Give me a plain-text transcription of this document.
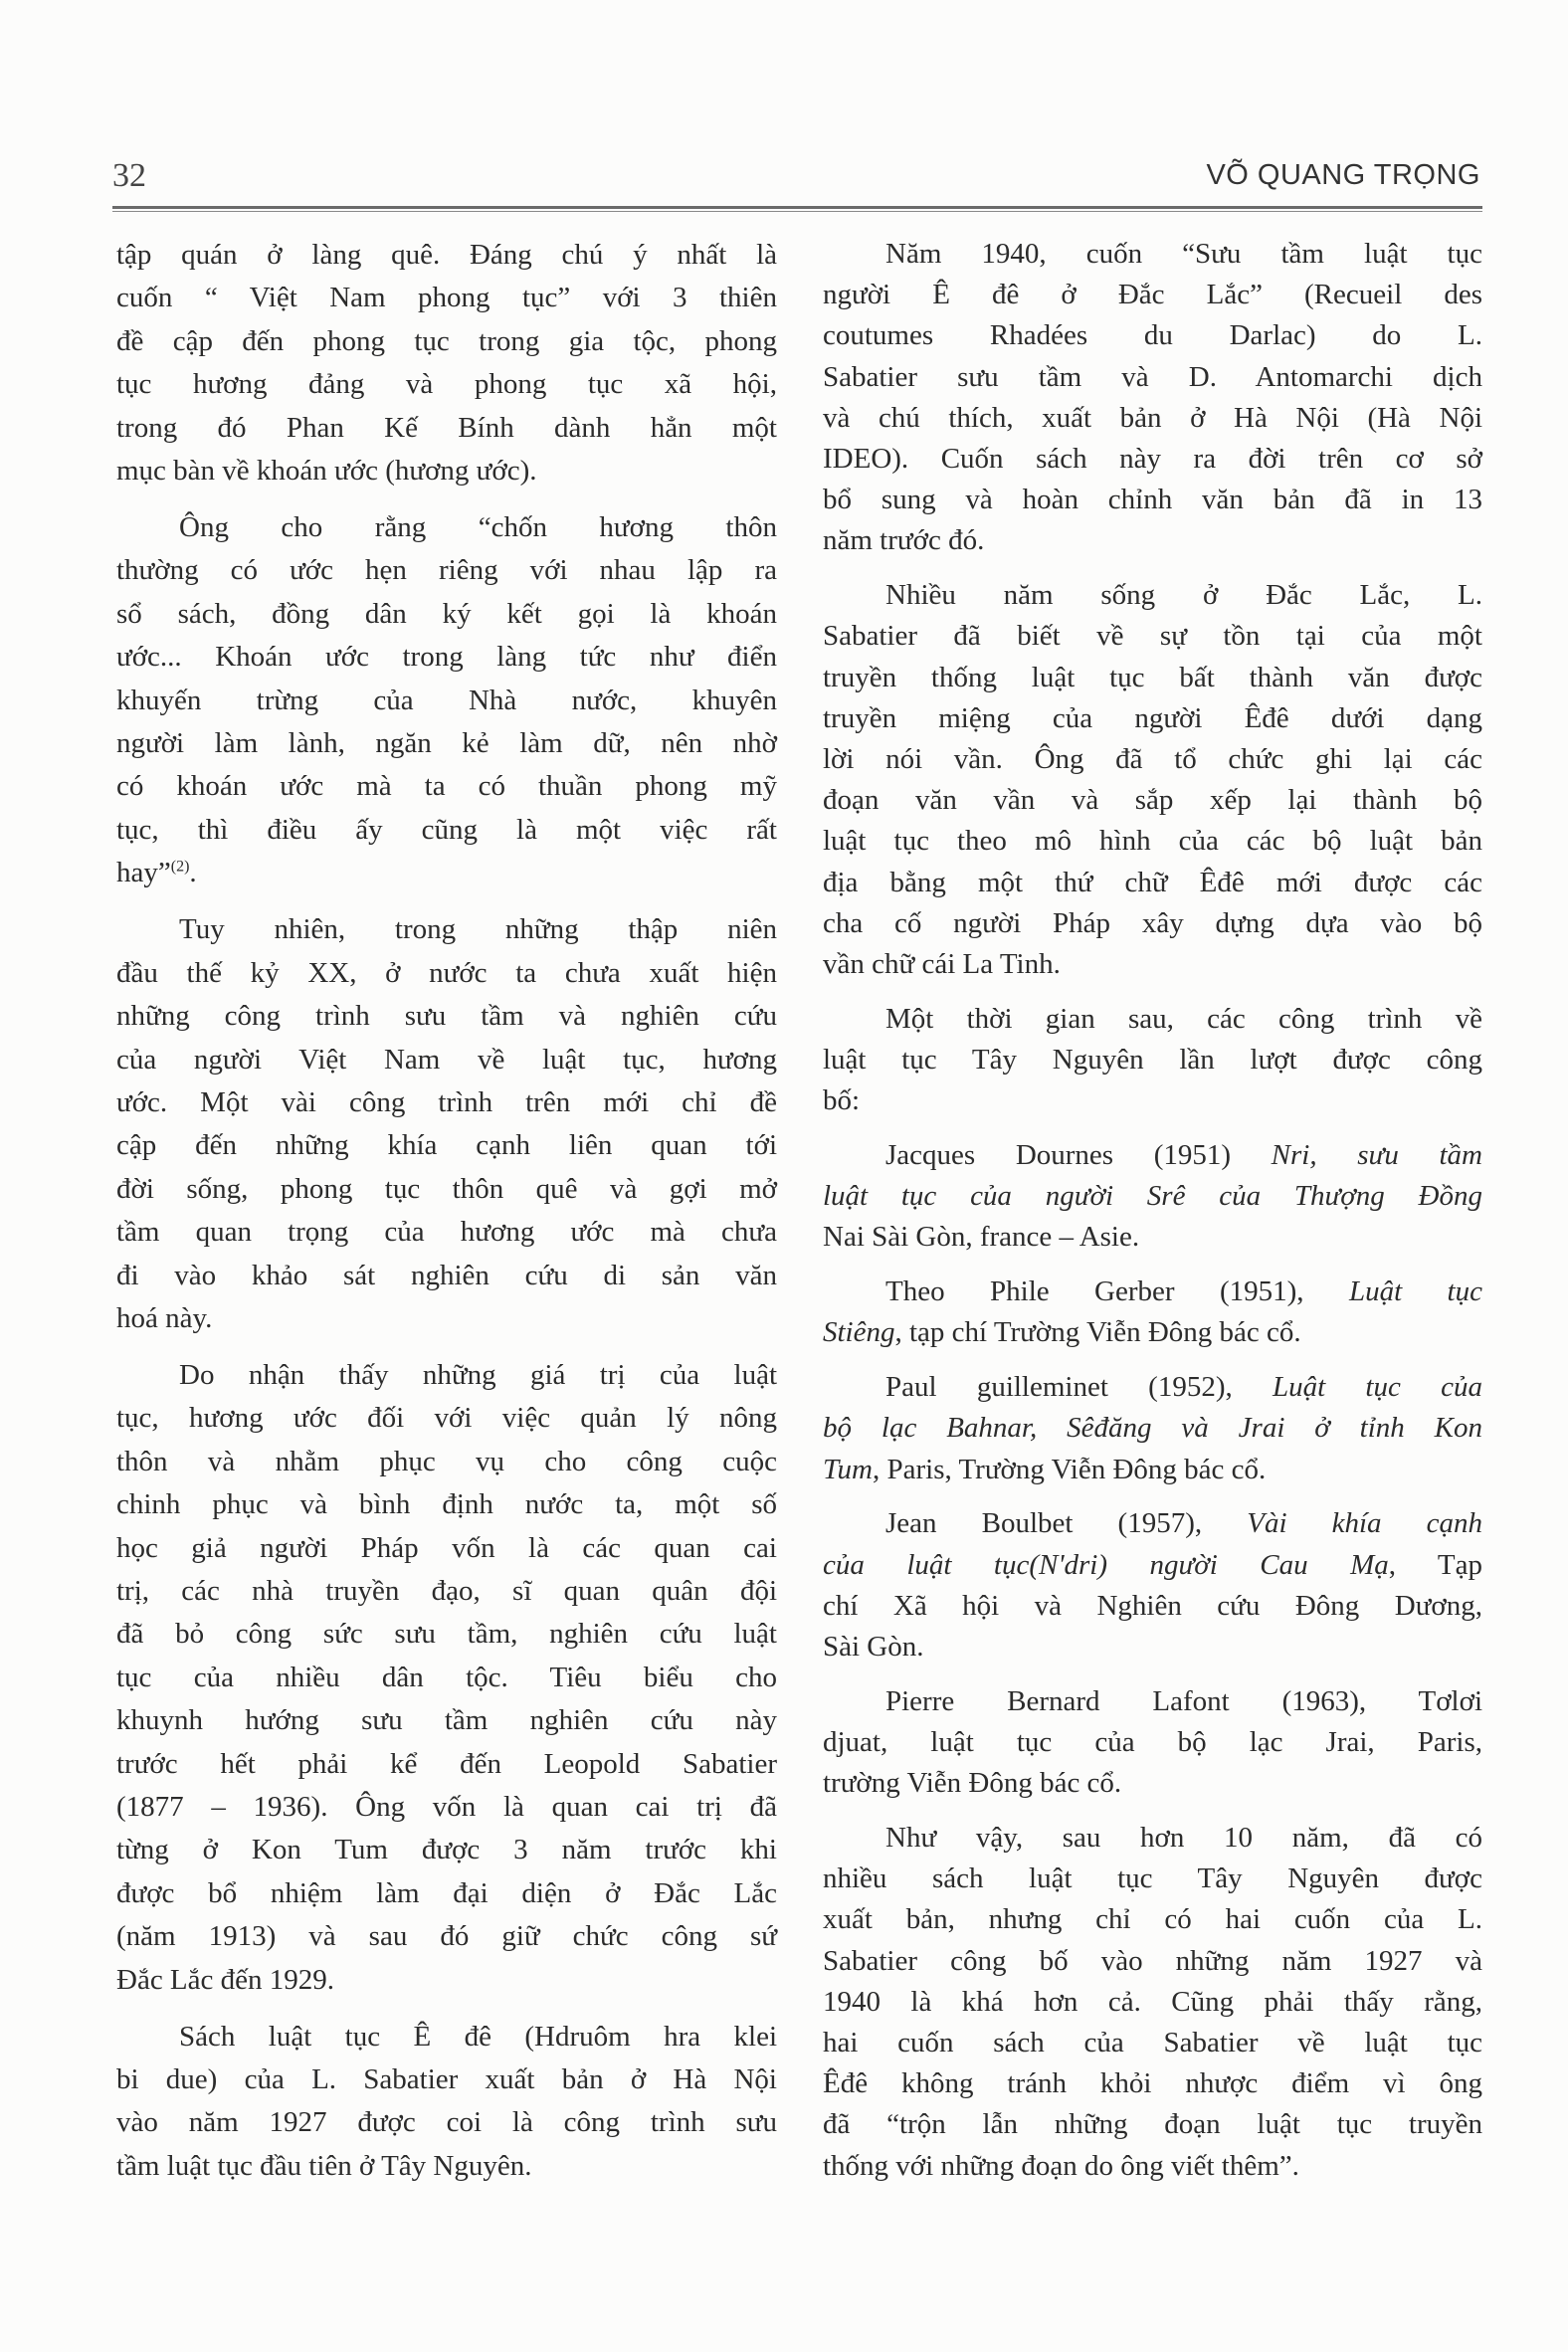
32	VÕ QUANG TRỌNG
tập quán ở làng quê. Đáng chú ý nhất là
cuốn “ Việt Nam phong tục” với 3 thiên
đề cập đến phong tục trong gia tộc, phong
tục hương đảng và phong tục xã hội,
trong đó Phan Kế Bính dành hẳn một
mục bàn về khoán ước (hương ước).
Ông cho rằng “chốn hương thôn
thường có ước hẹn riêng với nhau lập ra
sổ sách, đồng dân ký kết gọi là khoán
ước... Khoán ước trong làng tức như điển
khuyến trừng của Nhà nước, khuyên
người làm lành, ngăn kẻ làm dữ, nên nhờ
có khoán ước mà ta có thuần phong mỹ
tục, thì điều ấy cũng là một việc rất
hay”$^{(2)}$.
Tuy nhiên, trong những thập niên
đầu thế kỷ XX, ở nước ta chưa xuất hiện
những công trình sưu tầm và nghiên cứu
của người Việt Nam về luật tục, hương
ước. Một vài công trình trên mới chỉ đề
cập đến những khía cạnh liên quan tới
đời sống, phong tục thôn quê và gợi mở
tầm quan trọng của hương ước mà chưa
đi vào khảo sát nghiên cứu di sản văn
hoá này.
Do nhận thấy những giá trị của luật
tục, hương ước đối với việc quản lý nông
thôn và nhằm phục vụ cho công cuộc
chinh phục và bình định nước ta, một số
học giả người Pháp vốn là các quan cai
trị, các nhà truyền đạo, sĩ quan quân đội
đã bỏ công sức sưu tầm, nghiên cứu luật
tục của nhiều dân tộc. Tiêu biểu cho
khuynh hướng sưu tầm nghiên cứu này
trước hết phải kể đến Leopold Sabatier
(1877 – 1936). Ông vốn là quan cai trị đã
từng ở Kon Tum được 3 năm trước khi
được bổ nhiệm làm đại diện ở Đắc Lắc
(năm 1913) và sau đó giữ chức công sứ
Đắc Lắc đến 1929.
Sách luật tục Ê đê (Hdruôm hra klei
bi due) của L. Sabatier xuất bản ở Hà Nội
vào năm 1927 được coi là công trình sưu
tầm luật tục đầu tiên ở Tây Nguyên.
Năm 1940, cuốn “Sưu tầm luật tục
người Ê đê ở Đắc Lắc” (Recueil des
coutumes Rhadées du Darlac) do L.
Sabatier sưu tầm và D. Antomarchi dịch
và chú thích, xuất bản ở Hà Nội (Hà Nội
IDEO). Cuốn sách này ra đời trên cơ sở
bổ sung và hoàn chỉnh văn bản đã in 13
năm trước đó.
Nhiều năm sống ở Đắc Lắc, L.
Sabatier đã biết về sự tồn tại của một
truyền thống luật tục bất thành văn được
truyền miệng của người Êđê dưới dạng
lời nói vần. Ông đã tổ chức ghi lại các
đoạn văn vần và sắp xếp lại thành bộ
luật tục theo mô hình của các bộ luật bản
địa bằng một thứ chữ Êđê mới được các
cha cố người Pháp xây dựng dựa vào bộ
vần chữ cái La Tinh.
Một thời gian sau, các công trình về
luật tục Tây Nguyên lần lượt được công
bố:
Jacques Dournes (1951) Nri, sưu tầm
luật tục của người Srê của Thượng Đồng
Nai Sài Gòn, france – Asie.
Theo Phile Gerber (1951), Luật tục
Stiêng, tạp chí Trường Viễn Đông bác cổ.
Paul guilleminet (1952), Luật tục của
bộ lạc Bahnar, Sêđăng và Jrai ở tỉnh Kon
Tum, Paris, Trường Viễn Đông bác cổ.
Jean Boulbet (1957), Vài khía cạnh
của luật tục(N'dri) người Cau Mạ, Tạp
chí Xã hội và Nghiên cứu Đông Dương,
Sài Gòn.
Pierre Bernard Lafont (1963), Tơlơi
djuat, luật tục của bộ lạc Jrai, Paris,
trường Viễn Đông bác cổ.
Như vậy, sau hơn 10 năm, đã có
nhiều sách luật tục Tây Nguyên được
xuất bản, nhưng chỉ có hai cuốn của L.
Sabatier công bố vào những năm 1927 và
1940 là khá hơn cả. Cũng phải thấy rằng,
hai cuốn sách của Sabatier về luật tục
Êđê không tránh khỏi nhược điểm vì ông
đã “trộn lẫn những đoạn luật tục truyền
thống với những đoạn do ông viết thêm”.
